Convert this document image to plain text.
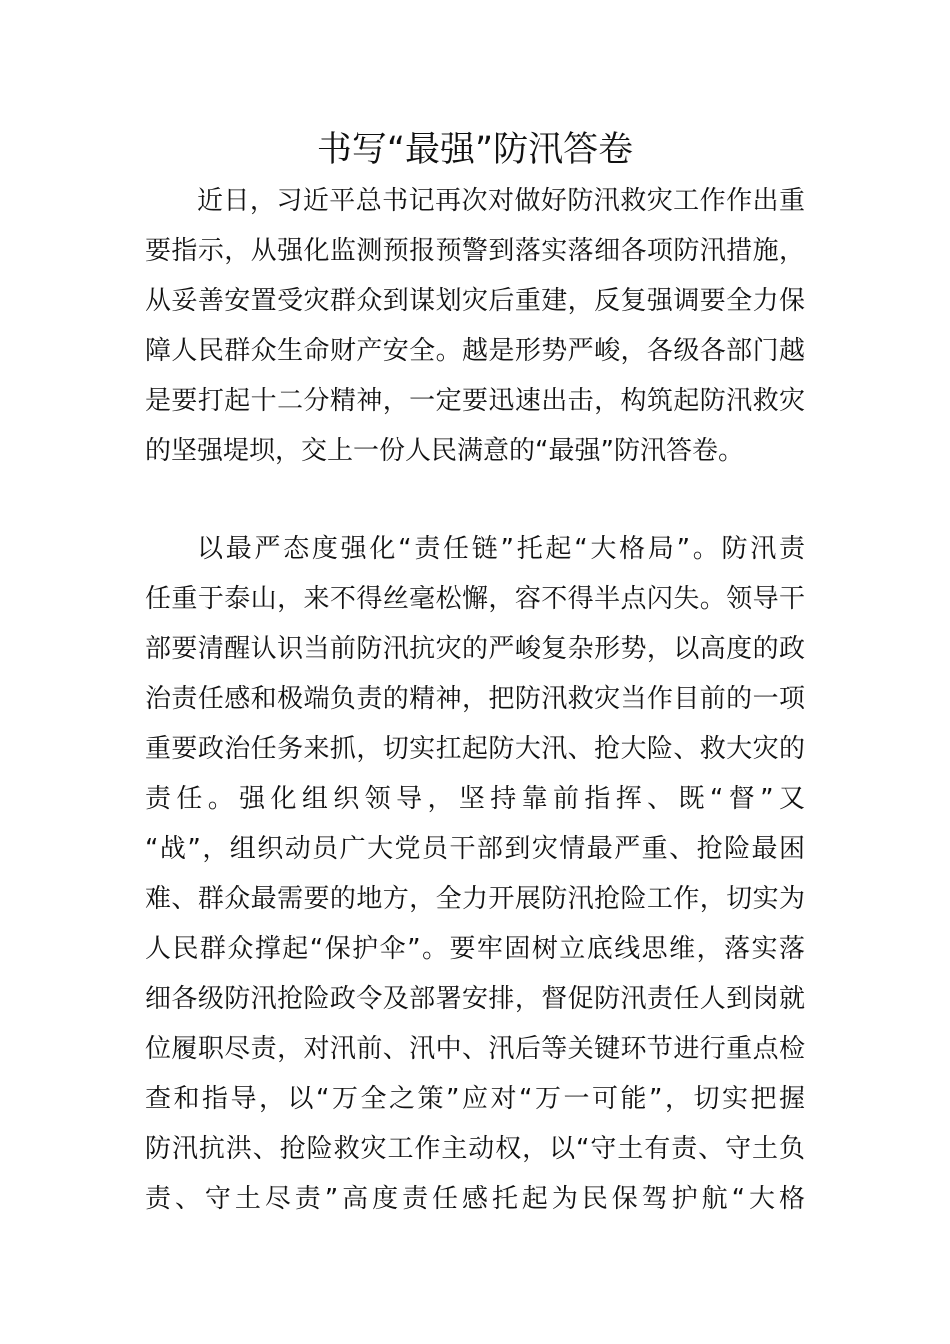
书写“最强”防汛答卷
近日，习近平总书记再次对做好防汛救灾工作作出重
要指示，从强化监测预报预警到落实落细各项防汛措施，
从妥善安置受灾群众到谋划灾后重建，反复强调要全力保
障人民群众生命财产安全。越是形势严峻，各级各部门越
是要打起十二分精神，一定要迅速出击，构筑起防汛救灾
的坚强堤坝，交上一份人民满意的“最强”防汛答卷。
以最严态度强化“责任链”托起“大格局”。防汛责
任重于泰山，来不得丝毫松懈，容不得半点闪失。领导干
部要清醒认识当前防汛抗灾的严峻复杂形势，以高度的政
治责任感和极端负责的精神，把防汛救灾当作目前的一项
重要政治任务来抓，切实扛起防大汛、抢大险、救大灾的
责任。强化组织领导，坚持靠前指挥、既“督”又
“战”，组织动员广大党员干部到灾情最严重、抢险最困
难、群众最需要的地方，全力开展防汛抢险工作，切实为
人民群众撑起“保护伞”。要牢固树立底线思维，落实落
细各级防汛抢险政令及部署安排，督促防汛责任人到岗就
位履职尽责，对汛前、汛中、汛后等关键环节进行重点检
查和指导，以“万全之策”应对“万一可能”，切实把握
防汛抗洪、抢险救灾工作主动权，以“守土有责、守土负
责、守土尽责”高度责任感托起为民保驾护航“大格
